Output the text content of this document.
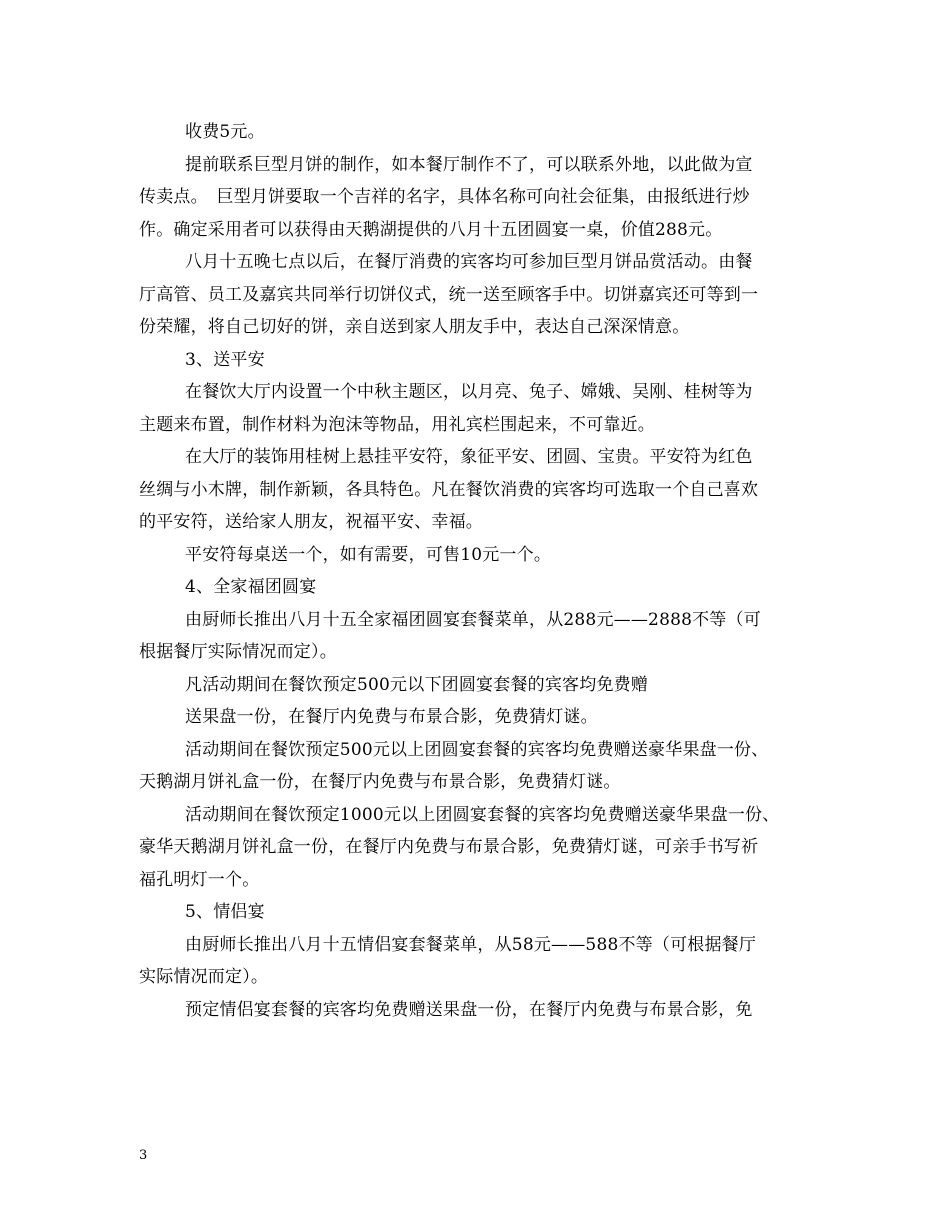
收费5元。
提前联系巨型月饼的制作，如本餐厅制作不了，可以联系外地，以此做为宣
传卖点。　巨型月饼要取一个吉祥的名字，具体名称可向社会征集，由报纸进行炒
作。确定采用者可以获得由天鹅湖提供的八月十五团圆宴一桌，价值288元。
八月十五晚七点以后，在餐厅消费的宾客均可参加巨型月饼品赏活动。由餐
厅高管、员工及嘉宾共同举行切饼仪式，统一送至顾客手中。切饼嘉宾还可等到一
份荣耀，将自己切好的饼，亲自送到家人朋友手中，表达自己深深情意。
3、送平安
在餐饮大厅内设置一个中秋主题区，以月亮、兔子、嫦娥、吴刚、桂树等为
主题来布置，制作材料为泡沫等物品，用礼宾栏围起来，不可靠近。
在大厅的装饰用桂树上悬挂平安符，象征平安、团圆、宝贵。平安符为红色
丝绸与小木牌，制作新颖，各具特色。凡在餐饮消费的宾客均可选取一个自己喜欢
的平安符，送给家人朋友，祝福平安、幸福。
平安符每桌送一个，如有需要，可售10元一个。
4、全家福团圆宴
由厨师长推出八月十五全家福团圆宴套餐菜单，从288元——2888不等（可
根据餐厅实际情况而定）。
凡活动期间在餐饮预定500元以下团圆宴套餐的宾客均免费赠
送果盘一份，在餐厅内免费与布景合影，免费猜灯谜。
活动期间在餐饮预定500元以上团圆宴套餐的宾客均免费赠送豪华果盘一份、
天鹅湖月饼礼盒一份，在餐厅内免费与布景合影，免费猜灯谜。
活动期间在餐饮预定1000元以上团圆宴套餐的宾客均免费赠送豪华果盘一份、
豪华天鹅湖月饼礼盒一份，在餐厅内免费与布景合影，免费猜灯谜，可亲手书写祈
福孔明灯一个。
5、情侣宴
由厨师长推出八月十五情侣宴套餐菜单，从58元——588不等（可根据餐厅
实际情况而定）。
预定情侣宴套餐的宾客均免费赠送果盘一份，在餐厅内免费与布景合影，免
3
